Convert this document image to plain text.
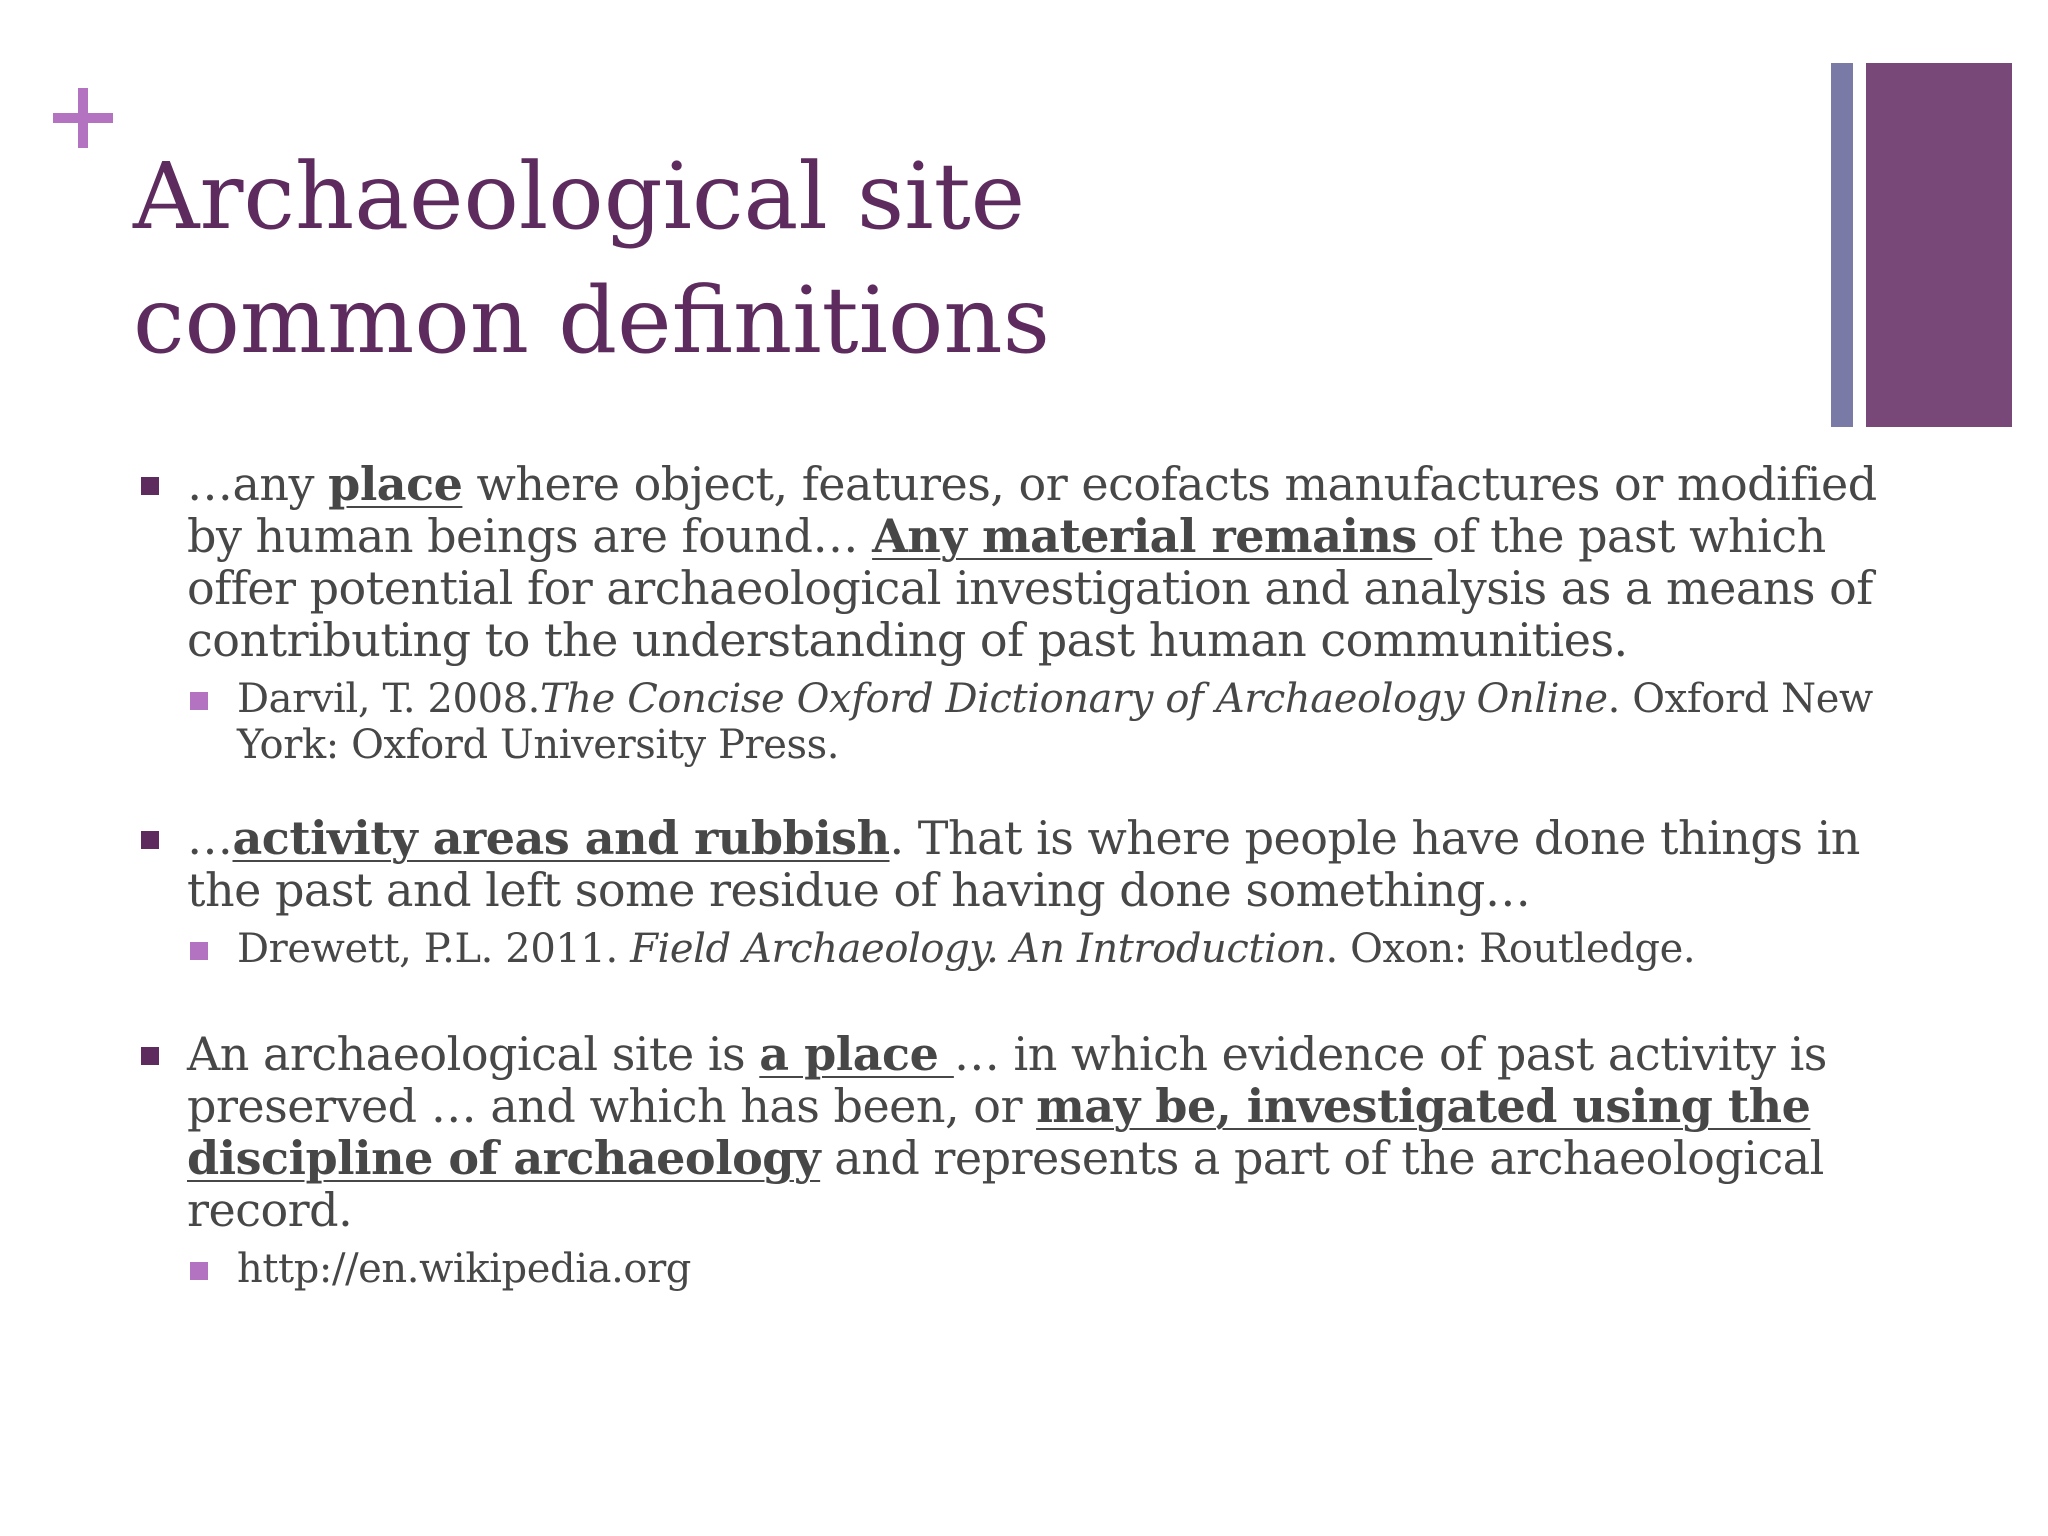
Archaeological site
common definitions
…any place where object, features, or ecofacts manufactures or modified by human beings are found… Any material remains of the past which offer potential for archaeological investigation and analysis as a means of contributing to the understanding of past human communities.
Darvil, T. 2008.The Concise Oxford Dictionary of Archaeology Online. Oxford New York: Oxford University Press.
…activity areas and rubbish. That is where people have done things in the past and left some residue of having done something…
Drewett, P.L. 2011. Field Archaeology. An Introduction. Oxon: Routledge.
An archaeological site is a place … in which evidence of past activity is preserved … and which has been, or may be, investigated using the discipline of archaeology and represents a part of the archaeological record.
http://en.wikipedia.org
